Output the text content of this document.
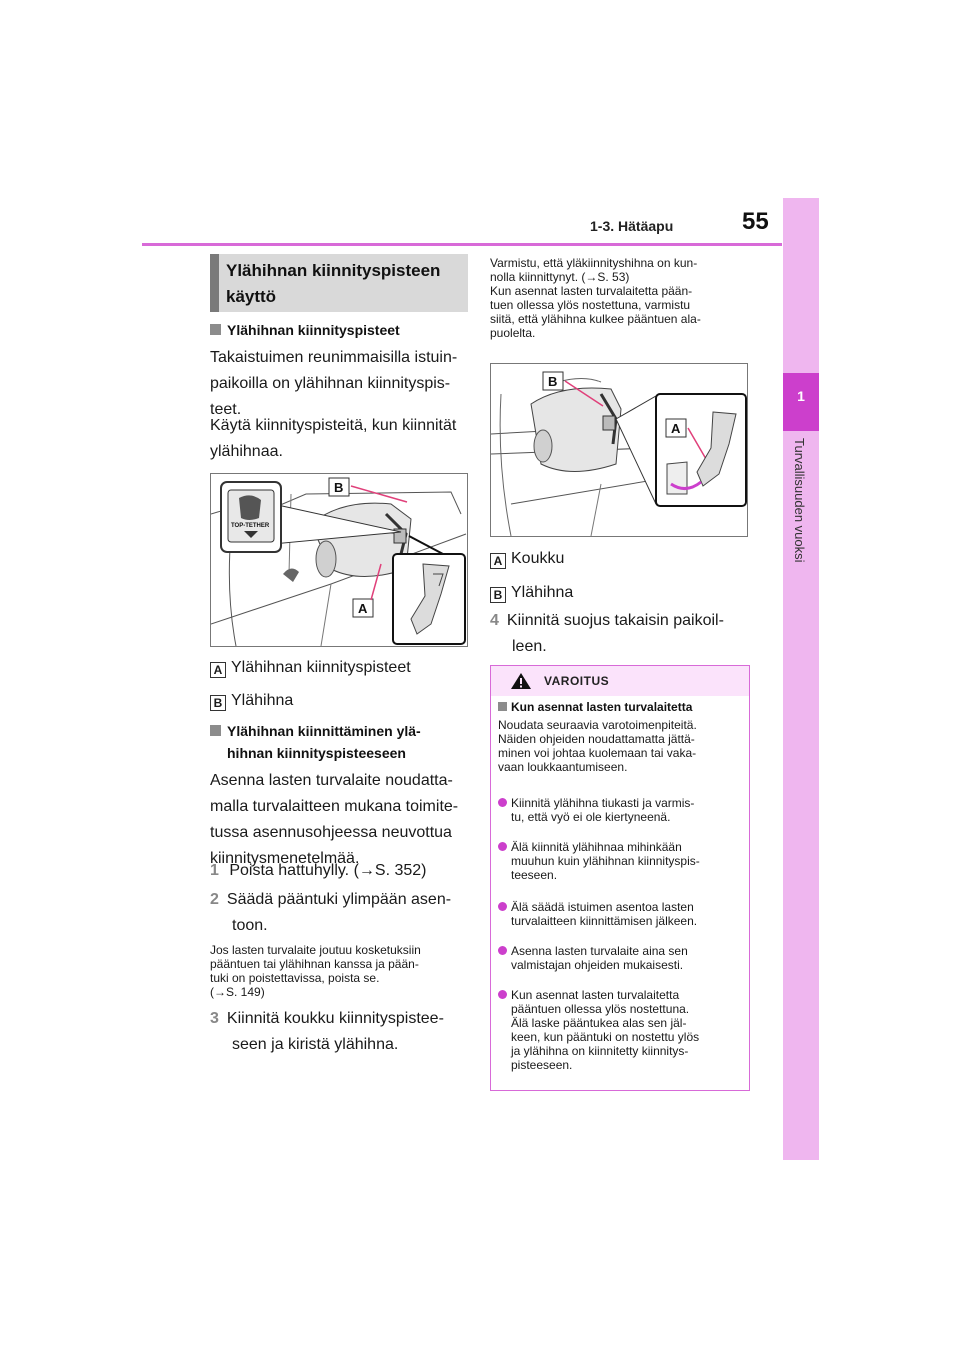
1-3. Hätäapu	55
1
Turvallisuuden vuoksi
Ylähihnan kiinnityspisteen
käyttö
Ylähihnan kiinnityspisteet
Takaistuimen reunimmaisilla istuin-
paikoilla on ylähihnan kiinnityspis-
teet.
Käytä kiinnityspisteitä, kun kiinnität
ylähihnaa.
TOP-TETHER
B
A
A Ylähihnan kiinnityspisteet
B Ylähihna
Ylähihnan kiinnittäminen ylä-
hihnan kiinnityspisteeseen
Asenna lasten turvalaite noudatta-
malla turvalaitteen mukana toimite-
tussa asennusohjeessa neuvottua
kiinnitysmenetelmää.
1 Poista hattuhylly. (→S. 352)
2 Säädä pääntuki ylimpään asen-
toon.
Jos lasten turvalaite joutuu kosketuksiin
pääntuen tai ylähihnan kanssa ja pään-
tuki on poistettavissa, poista se.
(→S. 149)
3 Kiinnitä koukku kiinnityspistee-
seen ja kiristä ylähihna.
Varmistu, että yläkiinnityshihna on kun-
nolla kiinnittynyt. (→S. 53)
Kun asennat lasten turvalaitetta pään-
tuen ollessa ylös nostettuna, varmistu
siitä, että ylähihna kulkee pääntuen ala-
puolelta.
B
A
A Koukku
B Ylähihna
4 Kiinnitä suojus takaisin paikoil-
leen.
VAROITUS
Kun asennat lasten turvalaitetta
Noudata seuraavia varotoimenpiteitä.
Näiden ohjeiden noudattamatta jättä-
minen voi johtaa kuolemaan tai vaka-
vaan loukkaantumiseen.
Kiinnitä ylähihna tiukasti ja varmis-
tu, että vyö ei ole kiertyneenä.
Älä kiinnitä ylähihnaa mihinkään
muuhun kuin ylähihnan kiinnityspis-
teeseen.
Älä säädä istuimen asentoa lasten
turvalaitteen kiinnittämisen jälkeen.
Asenna lasten turvalaite aina sen
valmistajan ohjeiden mukaisesti.
Kun asennat lasten turvalaitetta
pääntuen ollessa ylös nostettuna.
Älä laske pääntukea alas sen jäl-
keen, kun pääntuki on nostettu ylös
ja ylähihna on kiinnitetty kiinnitys-
pisteeseen.
